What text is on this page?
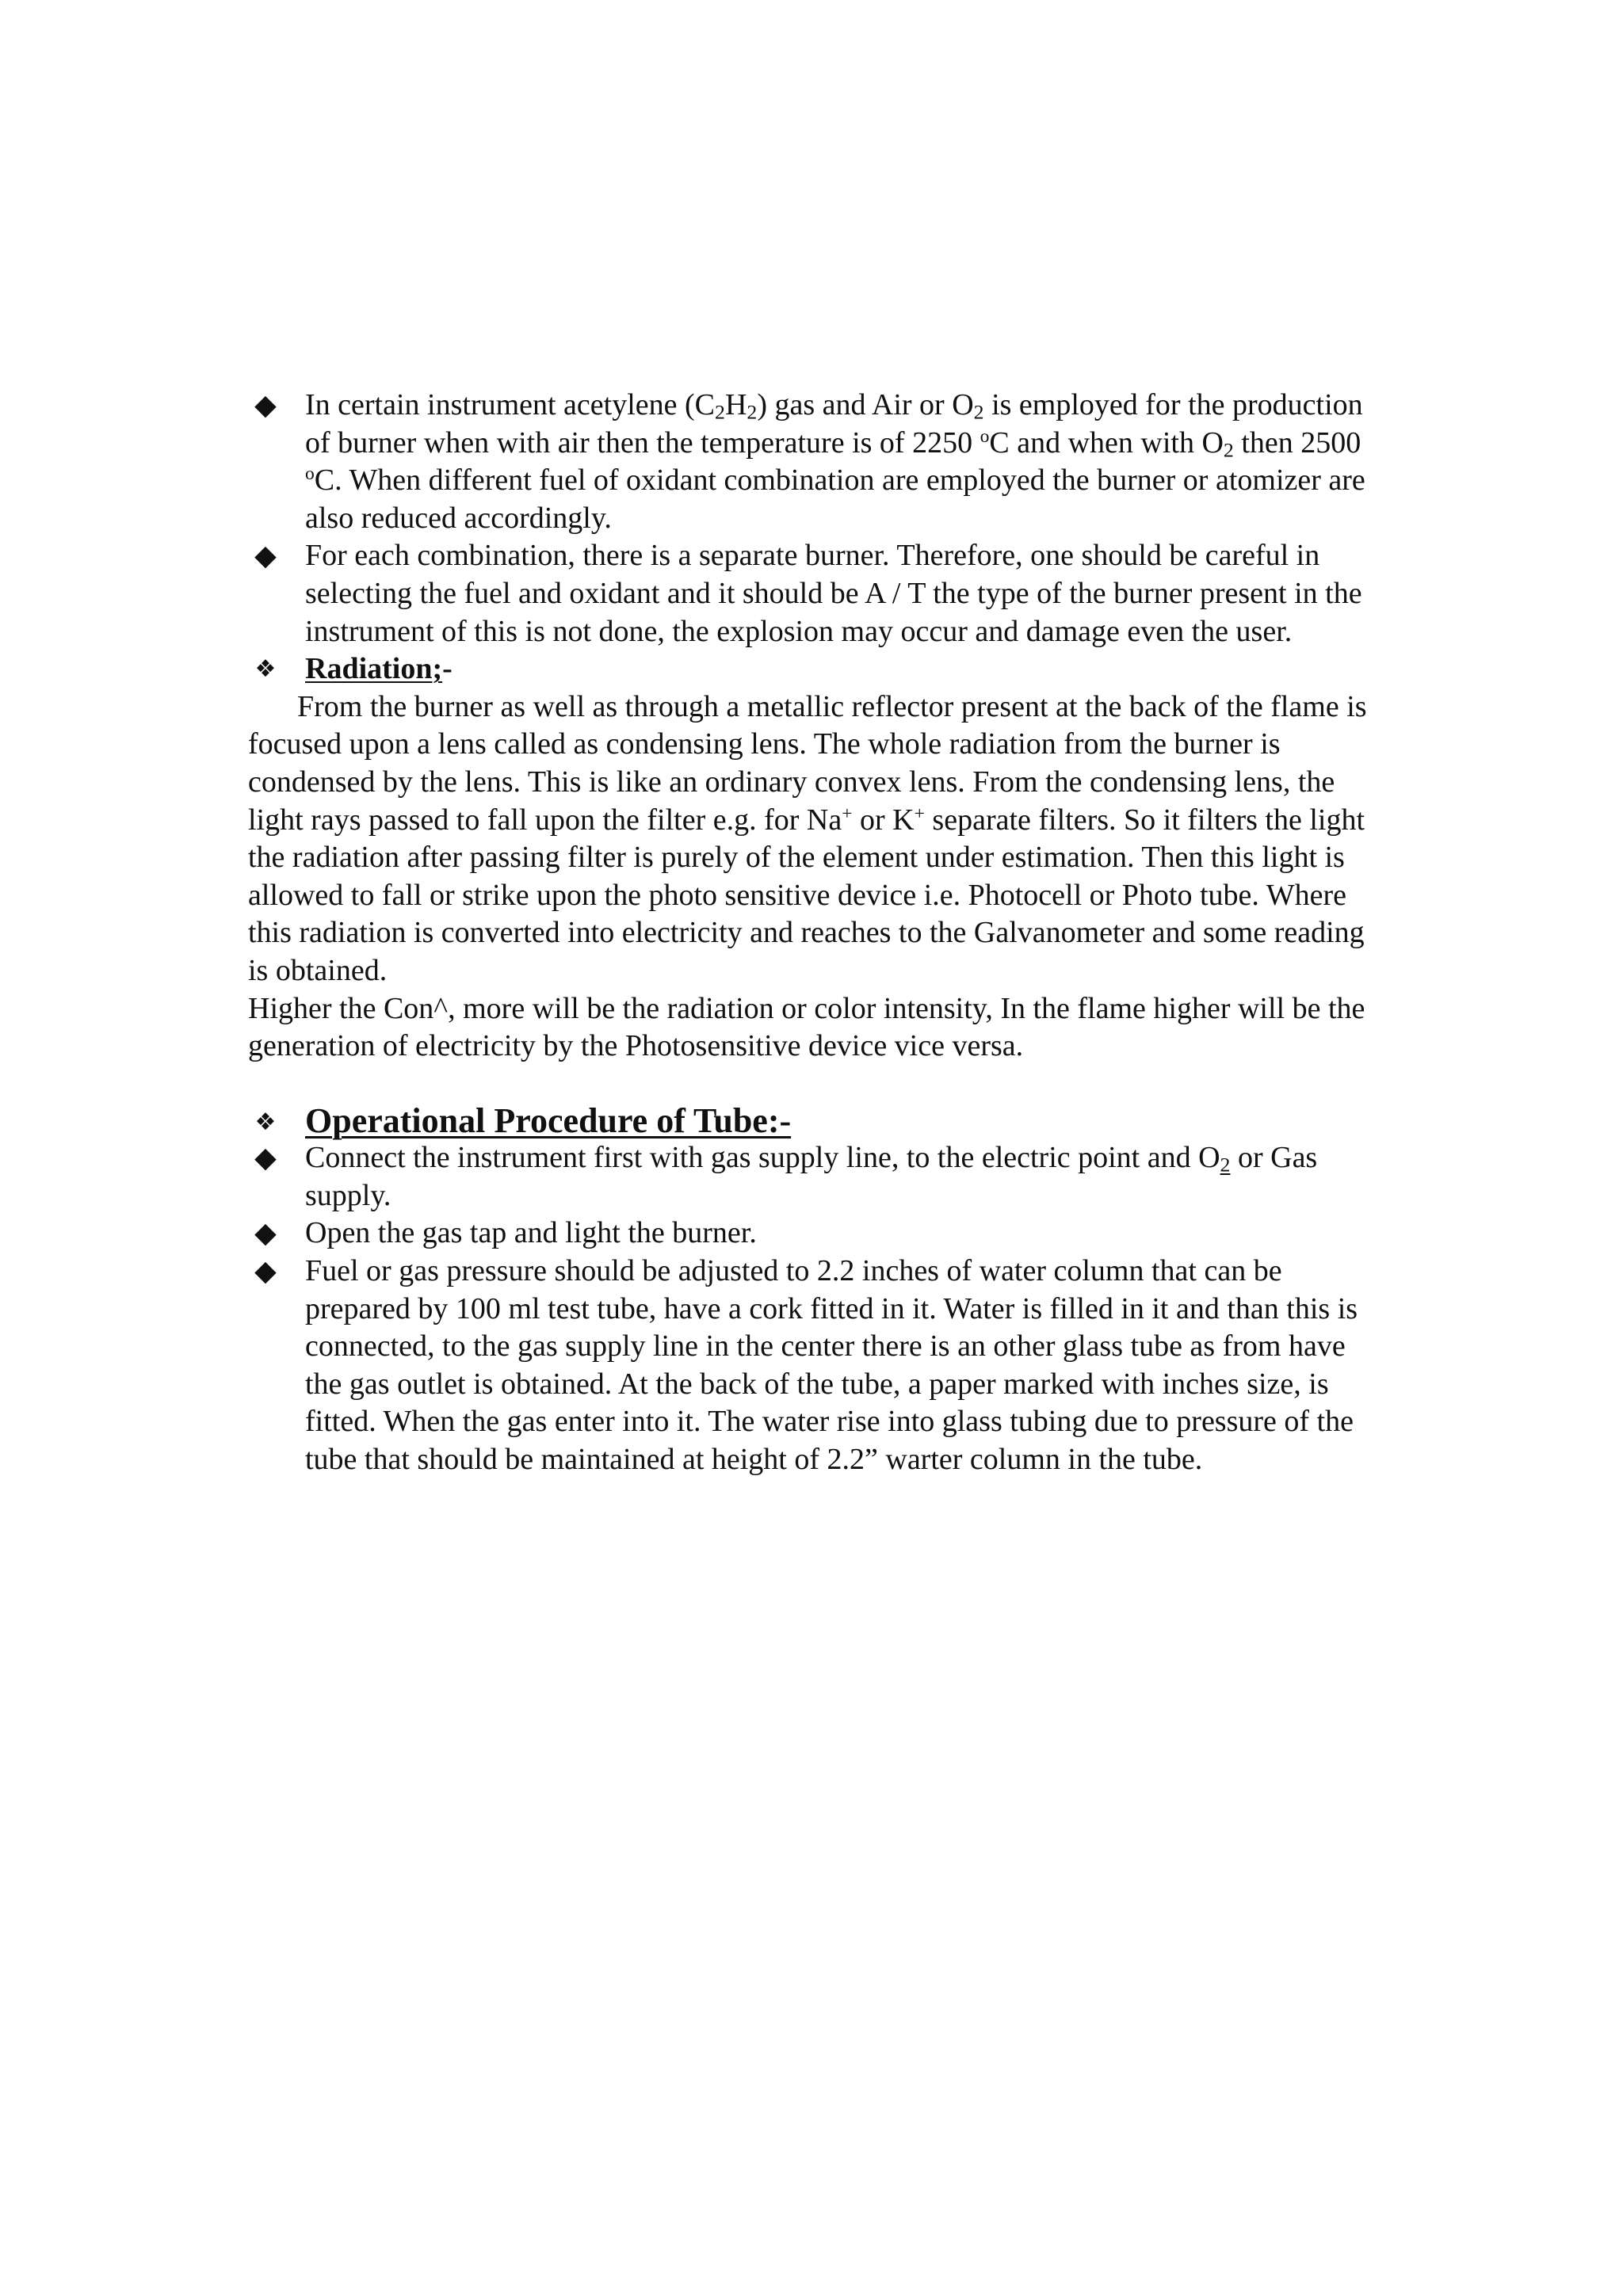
◆ In certain instrument acetylene $(C_2H_2)$ gas and Air or $O_2$ is employed for the production of burner when with air then the temperature is of 2250 $^o$C and when with $O_2$ then 2500 $^o$C. When different fuel of oxidant combination are employed the burner or atomizer are also reduced accordingly.
◆ For each combination, there is a separate burner. Therefore, one should be careful in selecting the fuel and oxidant and it should be A / T the type of the burner present in the instrument of this is not done, the explosion may occur and damage even the user.
❖ Radiation;-

From the burner as well as through a metallic reflector present at the back of the flame is focused upon a lens called as condensing lens. The whole radiation from the burner is condensed by the lens. This is like an ordinary convex lens. From the condensing lens, the light rays passed to fall upon the filter e.g. for Na+ or K+ separate filters. So it filters the light the radiation after passing filter is purely of the element under estimation. Then this light is allowed to fall or strike upon the photo sensitive device i.e. Photocell or Photo tube. Where this radiation is converted into electricity and reaches to the Galvanometer and some reading is obtained.

Higher the Con^, more will be the radiation or color intensity, In the flame higher will be the generation of electricity by the Photosensitive device vice versa.

❖ Operational Procedure of Tube:-
◆ Connect the instrument first with gas supply line, to the electric point and $O_2$ or Gas supply.
◆ Open the gas tap and light the burner.
◆ Fuel or gas pressure should be adjusted to 2.2 inches of water column that can be prepared by 100 ml test tube, have a cork fitted in it. Water is filled in it and than this is connected, to the gas supply line in the center there is an other glass tube as from have the gas outlet is obtained. At the back of the tube, a paper marked with inches size, is fitted. When the gas enter into it. The water rise into glass tubing due to pressure of the tube that should be maintained at height of 2.2” warter column in the tube.
